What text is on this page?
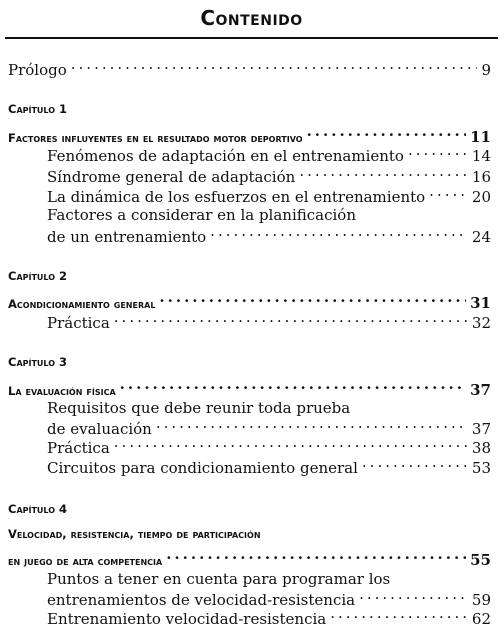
Contenido
Prólogo .....	9
Capítulo 1
Factores influyentes en el resultado motor deportivo .....	11
Fenómenos de adaptación en el entrenamiento .....	14
Síndrome general de adaptación .....	16
La dinámica de los esfuerzos en el entrenamiento .....	20
Factores a considerar en la planificación
de un entrenamiento .....	24
Capítulo 2
Acondicionamiento general .....	31
Práctica .....	32
Capítulo 3
La evaluación física .....	37
Requisitos que debe reunir toda prueba
de evaluación .....	37
Práctica .....	38
Circuitos para condicionamiento general .....	53
Capítulo 4
Velocidad, resistencia, tiempo de participación
en juego de alta competencia .....	55
Puntos a tener en cuenta para programar los
entrenamientos de velocidad-resistencia .....	59
Entrenamiento velocidad-resistencia .....	62
